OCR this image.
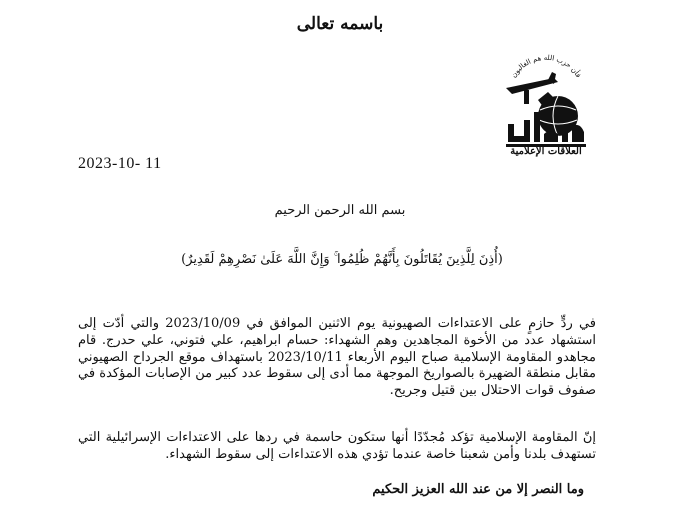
باسمه تعالى
فأن حزب الله هم الغالبون
العلاقات الإعلامية
2023-10- 11
بسم الله الرحمن الرحيم
(أُذِنَ لِلَّذِينَ يُقَاتَلُونَ بِأَنَّهُمْ ظُلِمُوا ۚ وَإِنَّ اللَّهَ عَلَىٰ نَصْرِهِمْ لَقَدِيرٌ)
في ردٍّ حازمٍ على الاعتداءات الصهيونية يوم الاثنين الموافق في 2023/10/09 والتي أدّت إلى استشهاد عدد من الأخوة المجاهدين وهم الشهداء: حسام ابراهيم، علي فتوني، علي حدرج. قام مجاهدو المقاومة الإسلامية صباح اليوم الأربعاء 2023/10/11 باستهداف موقع الجرداح الصهيوني مقابل منطقة الضهيرة بالصواريخ الموجهة مما أدى إلى سقوط عدد كبير من الإصابات المؤكدة في صفوف قوات الاحتلال بين قتيل وجريح.
إنّ المقاومة الإسلامية تؤكد مُجدّدًا أنها ستكون حاسمة في ردها على الاعتداءات الإسرائيلية التي تستهدف بلدنا وأمن شعبنا خاصة عندما تؤدي هذه الاعتداءات إلى سقوط الشهداء.
وما النصر إلا من عند الله العزيز الحكيم
